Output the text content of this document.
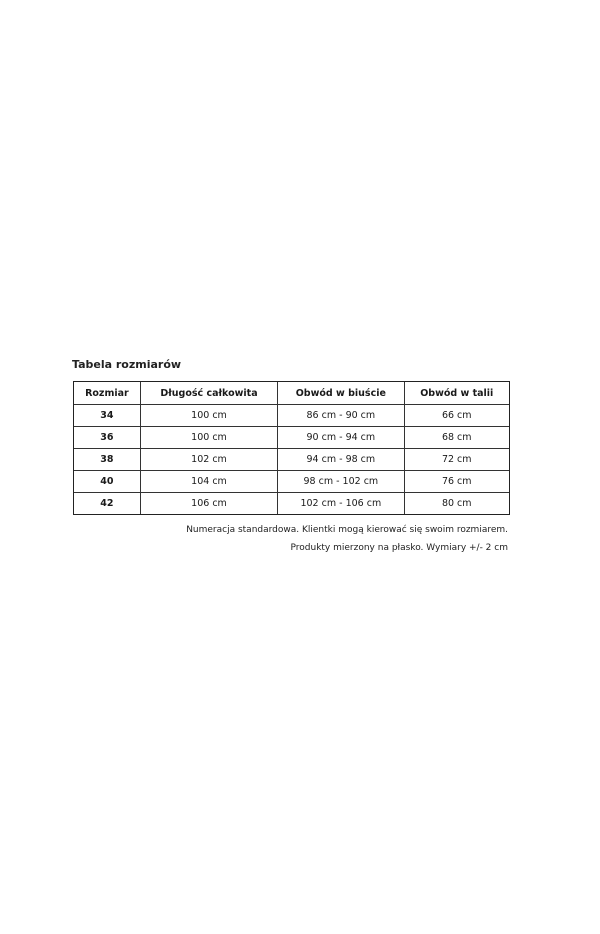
Tabela rozmiarów
Rozmiar	Długość całkowita	Obwód w biuście	Obwód w talii
34	100 cm	86 cm - 90 cm	66 cm
36	100 cm	90 cm - 94 cm	68 cm
38	102 cm	94 cm - 98 cm	72 cm
40	104 cm	98 cm - 102 cm	76 cm
42	106 cm	102 cm - 106 cm	80 cm
Numeracja standardowa. Klientki mogą kierować się swoim rozmiarem.
Produkty mierzony na płasko. Wymiary +/- 2 cm
